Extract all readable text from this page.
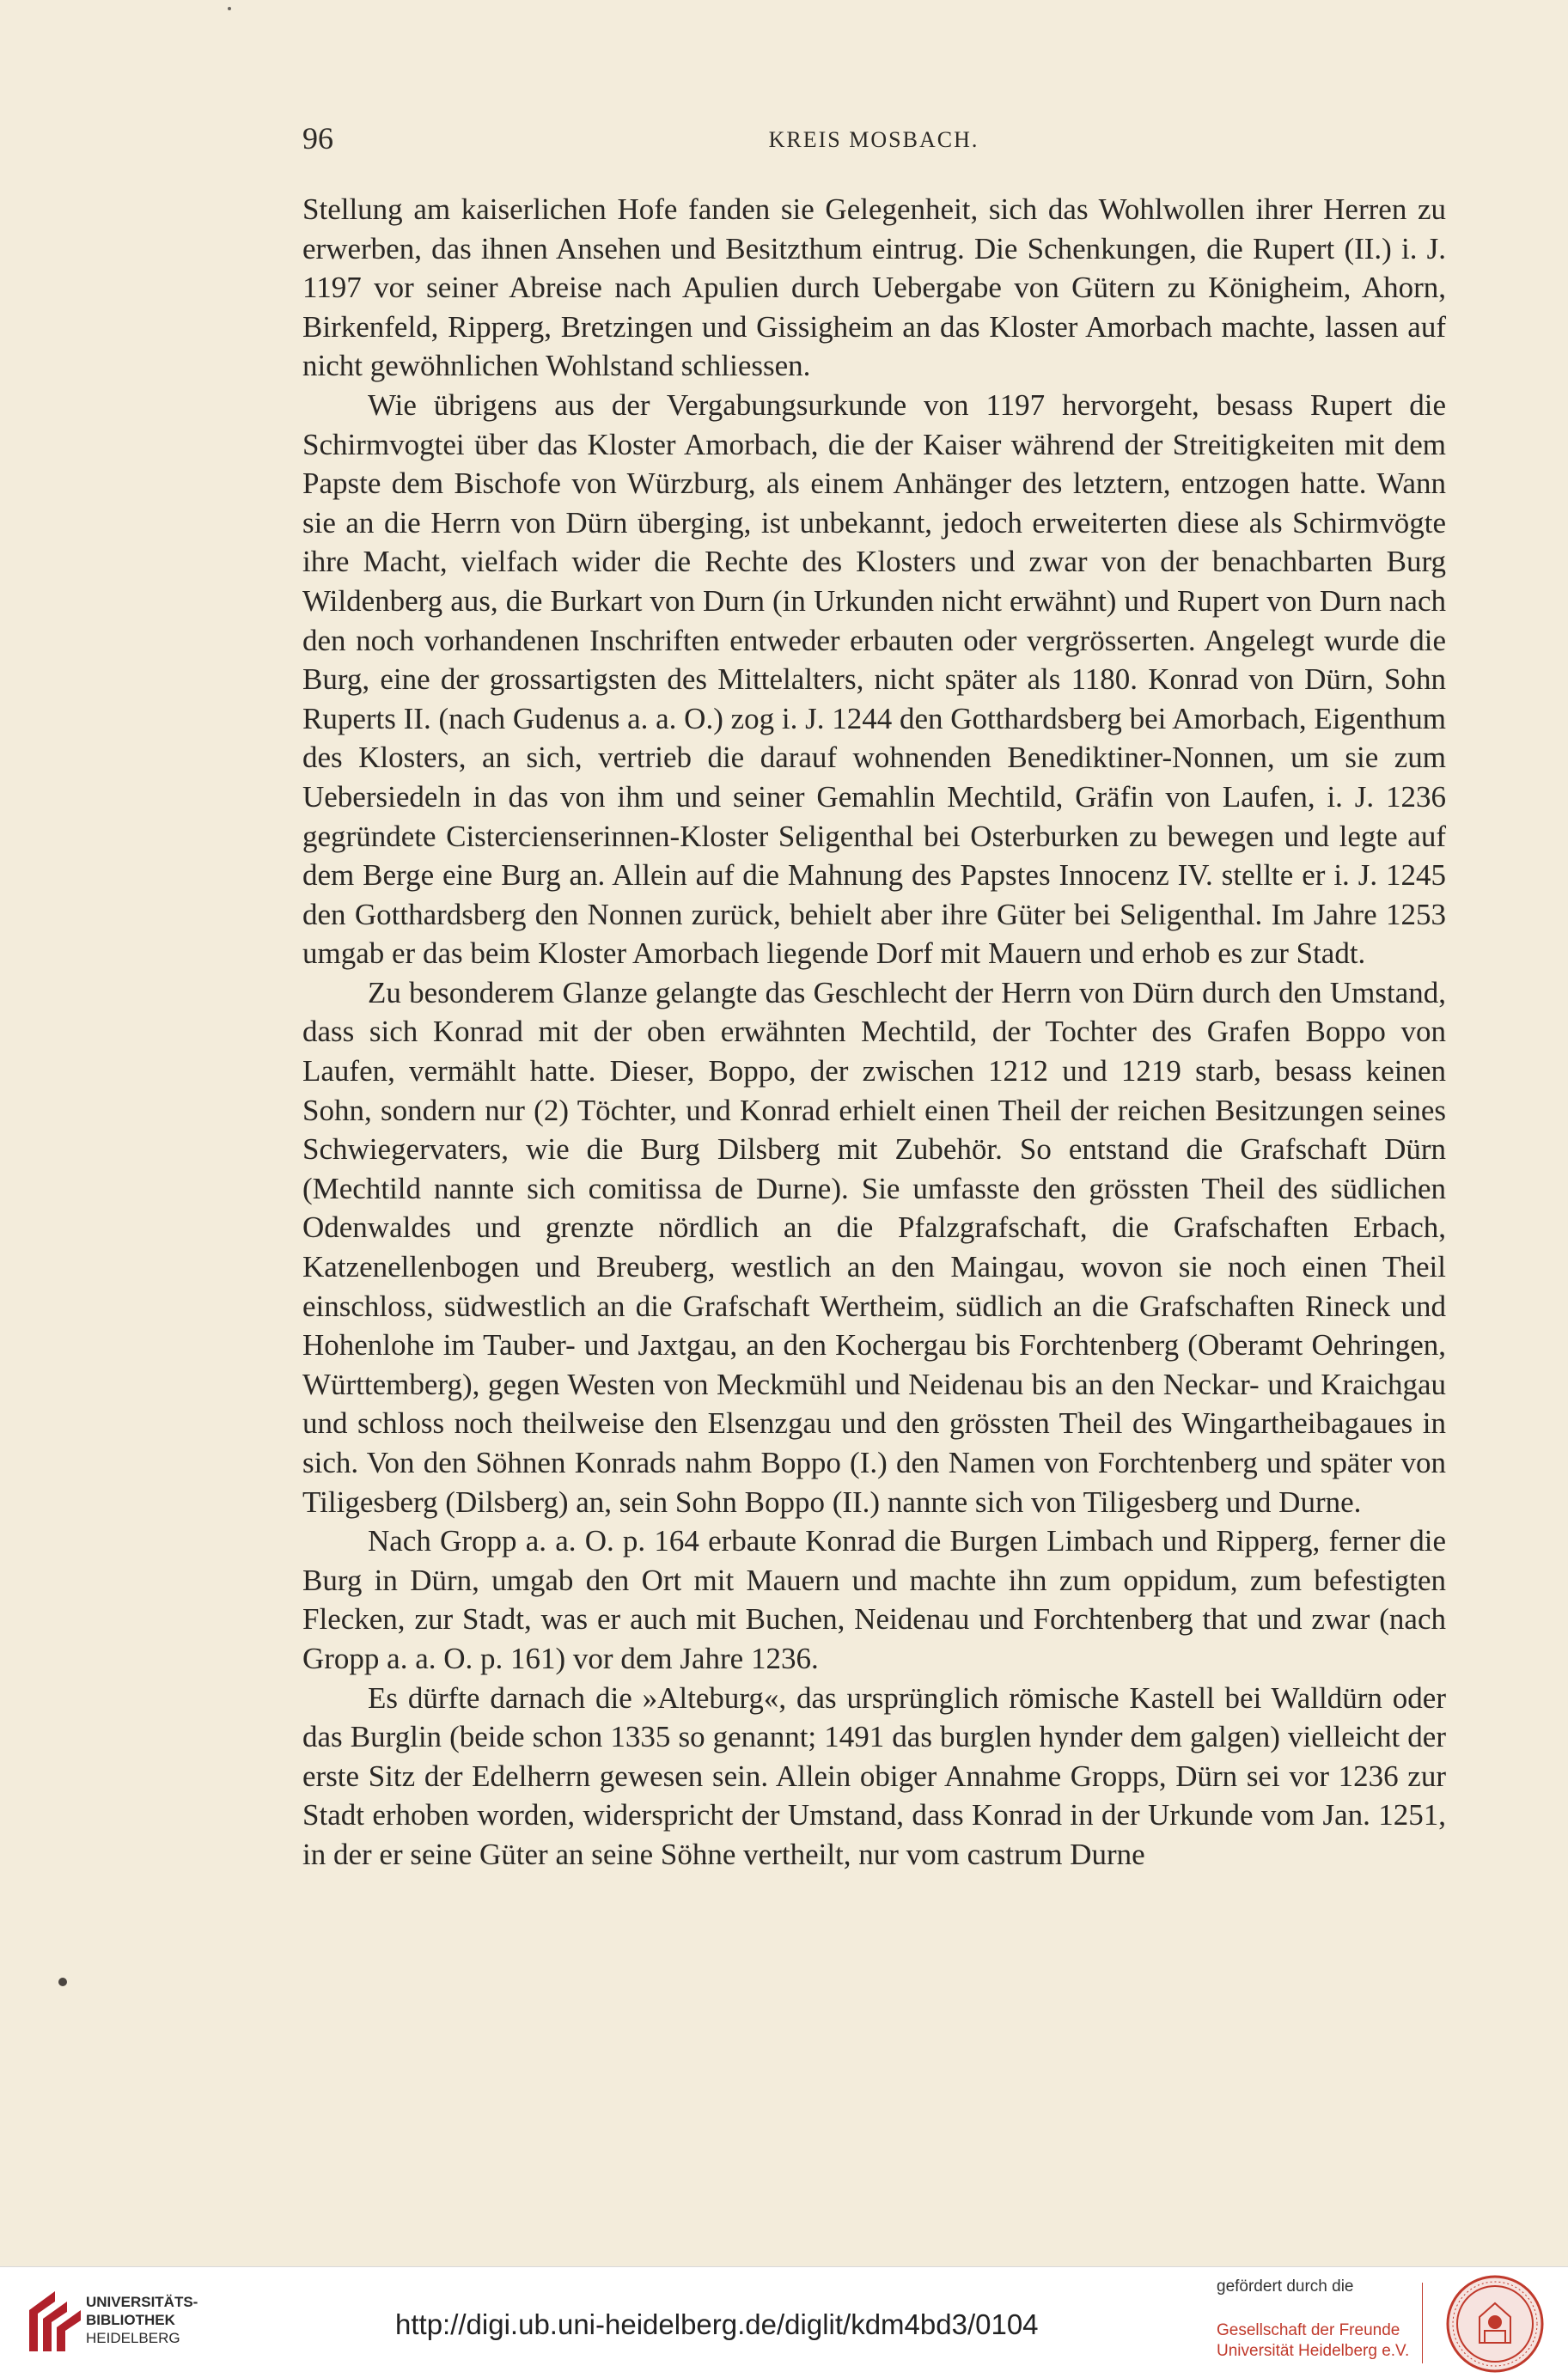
96	KREIS MOSBACH.

Stellung am kaiserlichen Hofe fanden sie Gelegenheit, sich das Wohlwollen ihrer Herren zu erwerben, das ihnen Ansehen und Besitzthum eintrug. Die Schenkungen, die Rupert (II.) i. J. 1197 vor seiner Abreise nach Apulien durch Uebergabe von Gütern zu Königheim, Ahorn, Birkenfeld, Ripperg, Bretzingen und Gissigheim an das Kloster Amorbach machte, lassen auf nicht gewöhnlichen Wohlstand schliessen.

Wie übrigens aus der Vergabungsurkunde von 1197 hervorgeht, besass Rupert die Schirmvogtei über das Kloster Amorbach, die der Kaiser während der Streitigkeiten mit dem Papste dem Bischofe von Würzburg, als einem Anhänger des letztern, entzogen hatte. Wann sie an die Herrn von Dürn überging, ist unbekannt, jedoch erweiterten diese als Schirmvögte ihre Macht, vielfach wider die Rechte des Klosters und zwar von der benachbarten Burg Wildenberg aus, die Burkart von Durn (in Urkunden nicht erwähnt) und Rupert von Durn nach den noch vorhandenen Inschriften entweder erbauten oder vergrösserten. Angelegt wurde die Burg, eine der grossartigsten des Mittelalters, nicht später als 1180. Konrad von Dürn, Sohn Ruperts II. (nach Gudenus a. a. O.) zog i. J. 1244 den Gotthardsberg bei Amorbach, Eigenthum des Klosters, an sich, vertrieb die darauf wohnenden Benediktiner-Nonnen, um sie zum Uebersiedeln in das von ihm und seiner Gemahlin Mechtild, Gräfin von Laufen, i. J. 1236 gegründete Cistercienserinnen-Kloster Seligenthal bei Osterburken zu bewegen und legte auf dem Berge eine Burg an. Allein auf die Mahnung des Papstes Innocenz IV. stellte er i. J. 1245 den Gotthardsberg den Nonnen zurück, behielt aber ihre Güter bei Seligenthal. Im Jahre 1253 umgab er das beim Kloster Amorbach liegende Dorf mit Mauern und erhob es zur Stadt.

Zu besonderem Glanze gelangte das Geschlecht der Herrn von Dürn durch den Umstand, dass sich Konrad mit der oben erwähnten Mechtild, der Tochter des Grafen Boppo von Laufen, vermählt hatte. Dieser, Boppo, der zwischen 1212 und 1219 starb, besass keinen Sohn, sondern nur (2) Töchter, und Konrad erhielt einen Theil der reichen Besitzungen seines Schwiegervaters, wie die Burg Dilsberg mit Zubehör. So entstand die Grafschaft Dürn (Mechtild nannte sich comitissa de Durne). Sie umfasste den grössten Theil des südlichen Odenwaldes und grenzte nördlich an die Pfalzgrafschaft, die Grafschaften Erbach, Katzenellenbogen und Breuberg, westlich an den Maingau, wovon sie noch einen Theil einschloss, südwestlich an die Grafschaft Wertheim, südlich an die Grafschaften Rineck und Hohenlohe im Tauber- und Jaxtgau, an den Kochergau bis Forchtenberg (Oberamt Oehringen, Württemberg), gegen Westen von Meckmühl und Neidenau bis an den Neckar- und Kraichgau und schloss noch theilweise den Elsenzgau und den grössten Theil des Wingartheibagaues in sich. Von den Söhnen Konrads nahm Boppo (I.) den Namen von Forchtenberg und später von Tiligesberg (Dilsberg) an, sein Sohn Boppo (II.) nannte sich von Tiligesberg und Durne.

Nach Gropp a. a. O. p. 164 erbaute Konrad die Burgen Limbach und Ripperg, ferner die Burg in Dürn, umgab den Ort mit Mauern und machte ihn zum oppidum, zum befestigten Flecken, zur Stadt, was er auch mit Buchen, Neidenau und Forchtenberg that und zwar (nach Gropp a. a. O. p. 161) vor dem Jahre 1236.

Es dürfte darnach die »Alteburg«, das ursprünglich römische Kastell bei Walldürn oder das Burglin (beide schon 1335 so genannt; 1491 das burglen hynder dem galgen) vielleicht der erste Sitz der Edelherrn gewesen sein. Allein obiger Annahme Gropps, Dürn sei vor 1236 zur Stadt erhoben worden, widerspricht der Umstand, dass Konrad in der Urkunde vom Jan. 1251, in der er seine Güter an seine Söhne vertheilt, nur vom castrum Durne

UNIVERSITÄTS-
BIBLIOTHEK
HEIDELBERG	http://digi.ub.uni-heidelberg.de/diglit/kdm4bd3/0104
gefördert durch die
Gesellschaft der Freunde
Universität Heidelberg e.V.
